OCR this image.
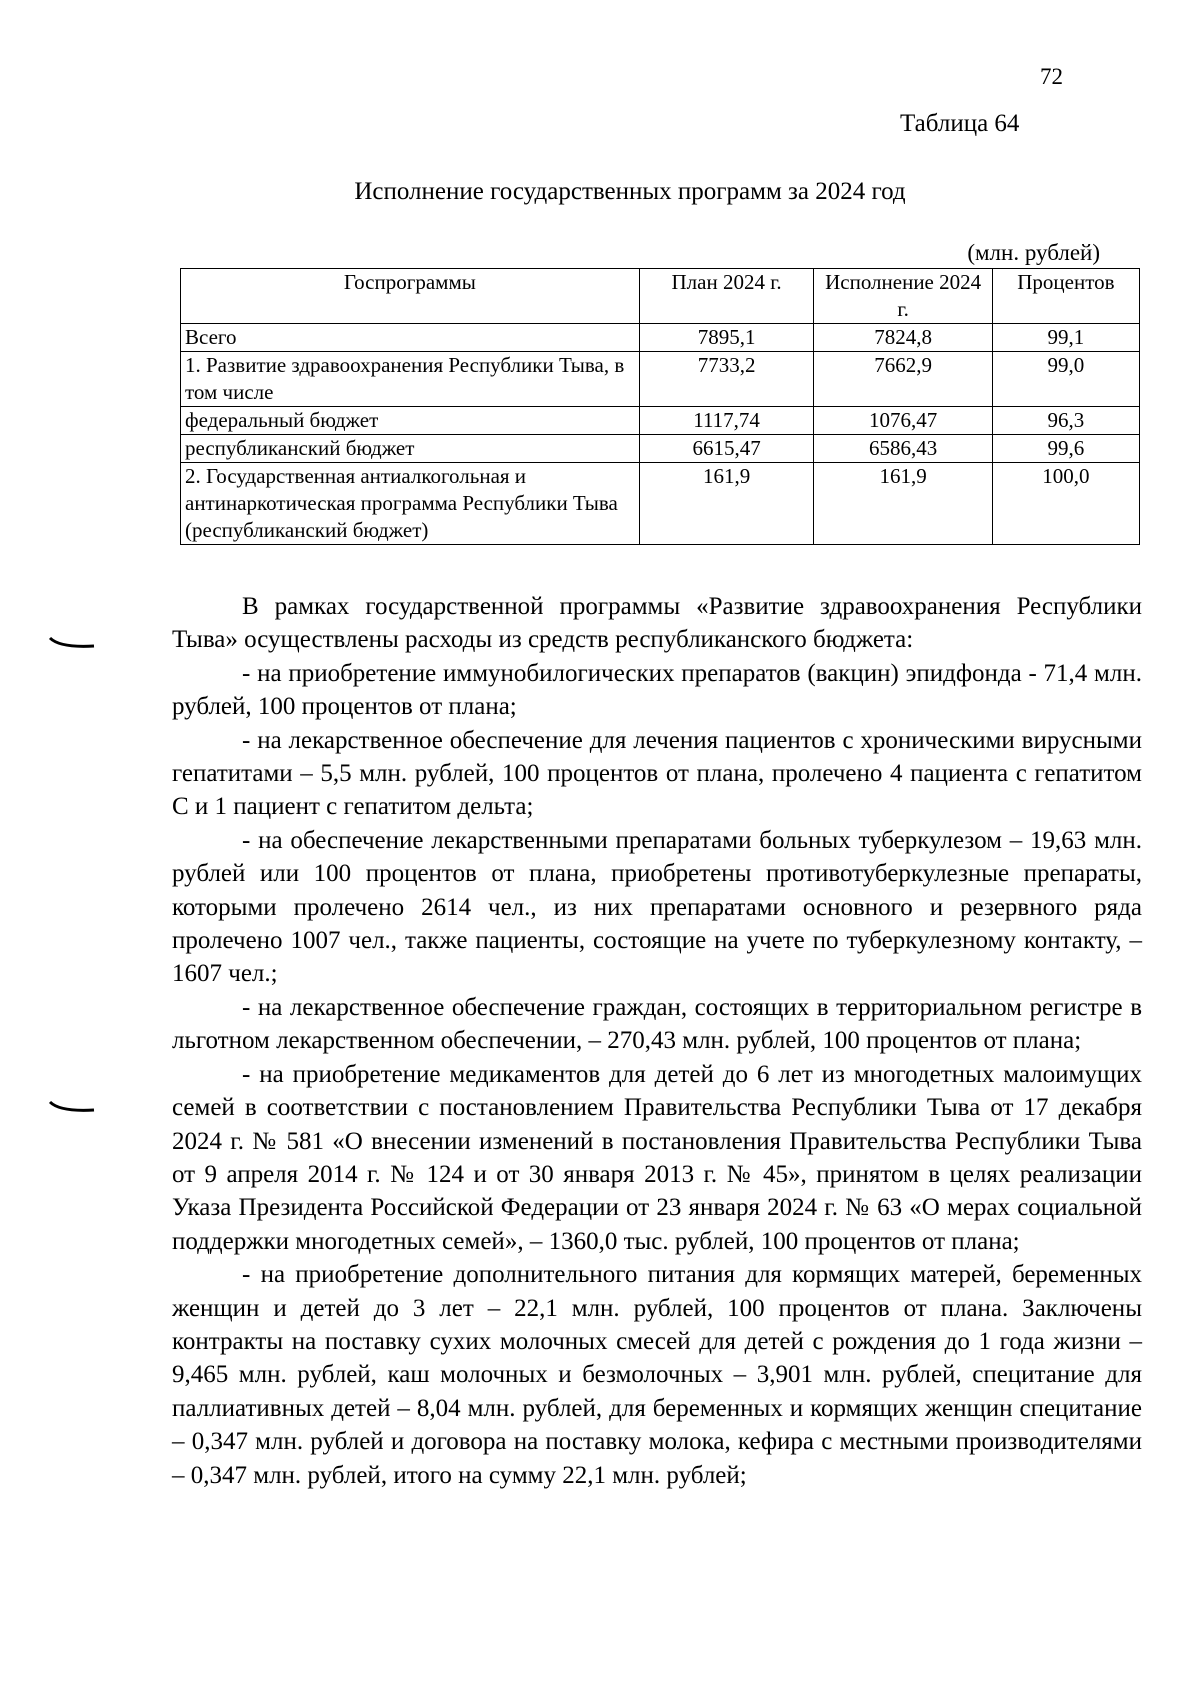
72
Таблица 64
Исполнение государственных программ за 2024 год
(млн. рублей)
Госпрограммы	План 2024 г.	Исполнение 2024 г.	Процентов
Всего	7895,1	7824,8	99,1
1. Развитие здравоохранения Республики Тыва, в том числе	7733,2	7662,9	99,0
федеральный бюджет	1117,74	1076,47	96,3
республиканский бюджет	6615,47	6586,43	99,6
2. Государственная антиалкогольная и антинаркотическая программа Республики Тыва (республиканский бюджет)	161,9	161,9	100,0

В рамках государственной программы «Развитие здравоохранения Республики Тыва» осуществлены расходы из средств республиканского бюджета:

- на приобретение иммунобилогических препаратов (вакцин) эпидфонда - 71,4 млн. рублей, 100 процентов от плана;

- на лекарственное обеспечение для лечения пациентов с хроническими вирусными гепатитами – 5,5 млн. рублей, 100 процентов от плана, пролечено 4 пациента с гепатитом С и 1 пациент с гепатитом дельта;

- на обеспечение лекарственными препаратами больных туберкулезом – 19,63 млн. рублей или 100 процентов от плана, приобретены противотуберкулезные препараты, которыми пролечено 2614 чел., из них препаратами основного и резервного ряда пролечено 1007 чел., также пациенты, состоящие на учете по туберкулезному контакту, – 1607 чел.;

- на лекарственное обеспечение граждан, состоящих в территориальном регистре в льготном лекарственном обеспечении, – 270,43 млн. рублей, 100 процентов от плана;

- на приобретение медикаментов для детей до 6 лет из многодетных малоимущих семей в соответствии с постановлением Правительства Республики Тыва от 17 декабря 2024 г. № 581 «О внесении изменений в постановления Правительства Республики Тыва от 9 апреля 2014 г. № 124 и от 30 января 2013 г. № 45», принятом в целях реализации Указа Президента Российской Федерации от 23 января 2024 г. № 63 «О мерах социальной поддержки многодетных семей», – 1360,0 тыс. рублей, 100 процентов от плана;

- на приобретение дополнительного питания для кормящих матерей, беременных женщин и детей до 3 лет – 22,1 млн. рублей, 100 процентов от плана. Заключены контракты на поставку сухих молочных смесей для детей с рождения до 1 года жизни – 9,465 млн. рублей, каш молочных и безмолочных – 3,901 млн. рублей, специтание для паллиативных детей – 8,04 млн. рублей, для беременных и кормящих женщин специтание – 0,347 млн. рублей и договора на поставку молока, кефира с местными производителями – 0,347 млн. рублей, итого на сумму 22,1 млн. рублей;
